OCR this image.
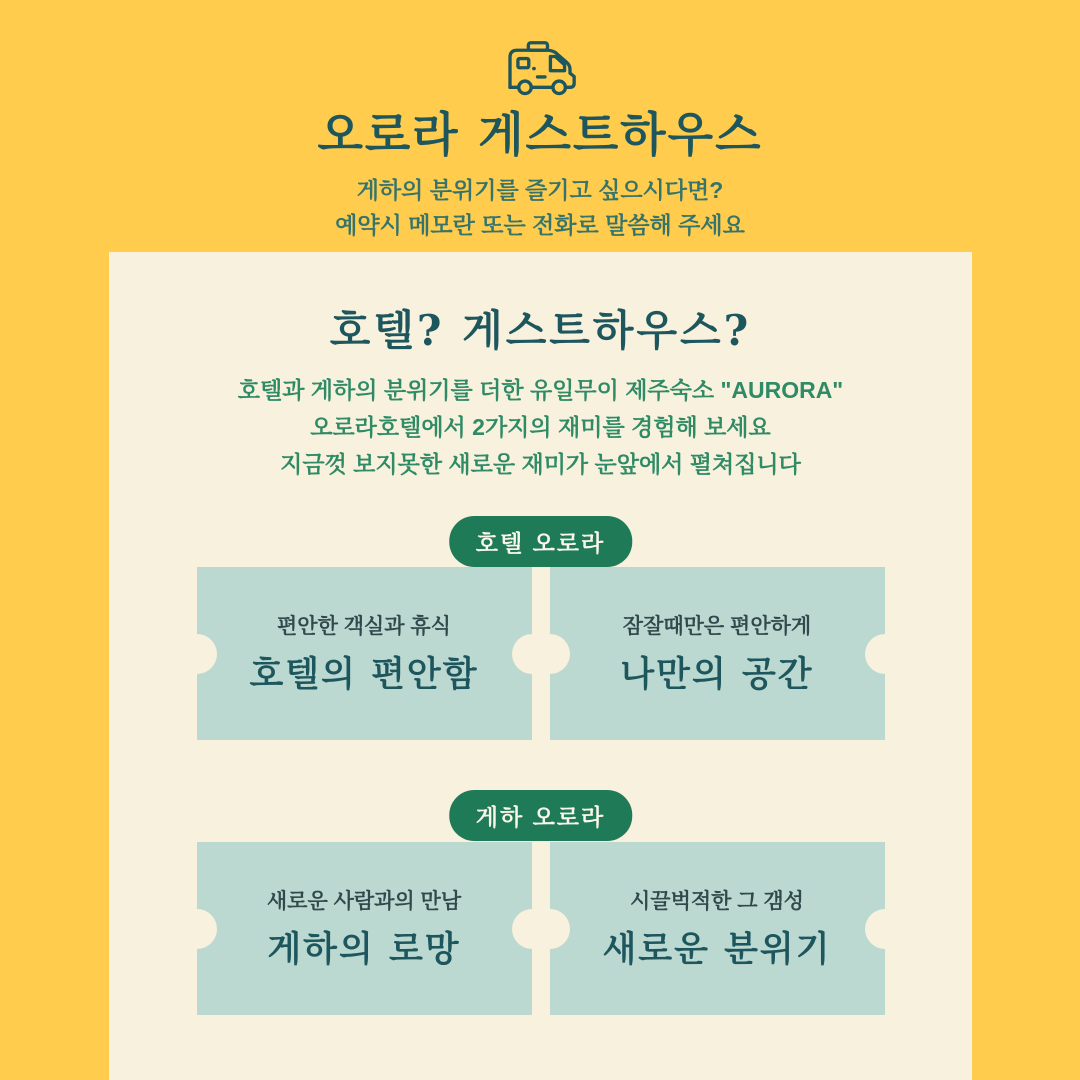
오로라 게스트하우스

게하의 분위기를 즐기고 싶으시다면?

예약시 메모란 또는 전화로 말씀해 주세요

호텔? 게스트하우스?

호텔과 게하의 분위기를 더한 유일무이 제주숙소 "AURORA"

오로라호텔에서 2가지의 재미를 경험해 보세요

지금껏 보지못한 새로운 재미가 눈앞에서 펼쳐집니다

호텔 오로라

편안한 객실과 휴식

호텔의 편안함

잠잘때만은 편안하게

나만의 공간

게하 오로라

새로운 사람과의 만남

게하의 로망

시끌벅적한 그 갬성

새로운 분위기
